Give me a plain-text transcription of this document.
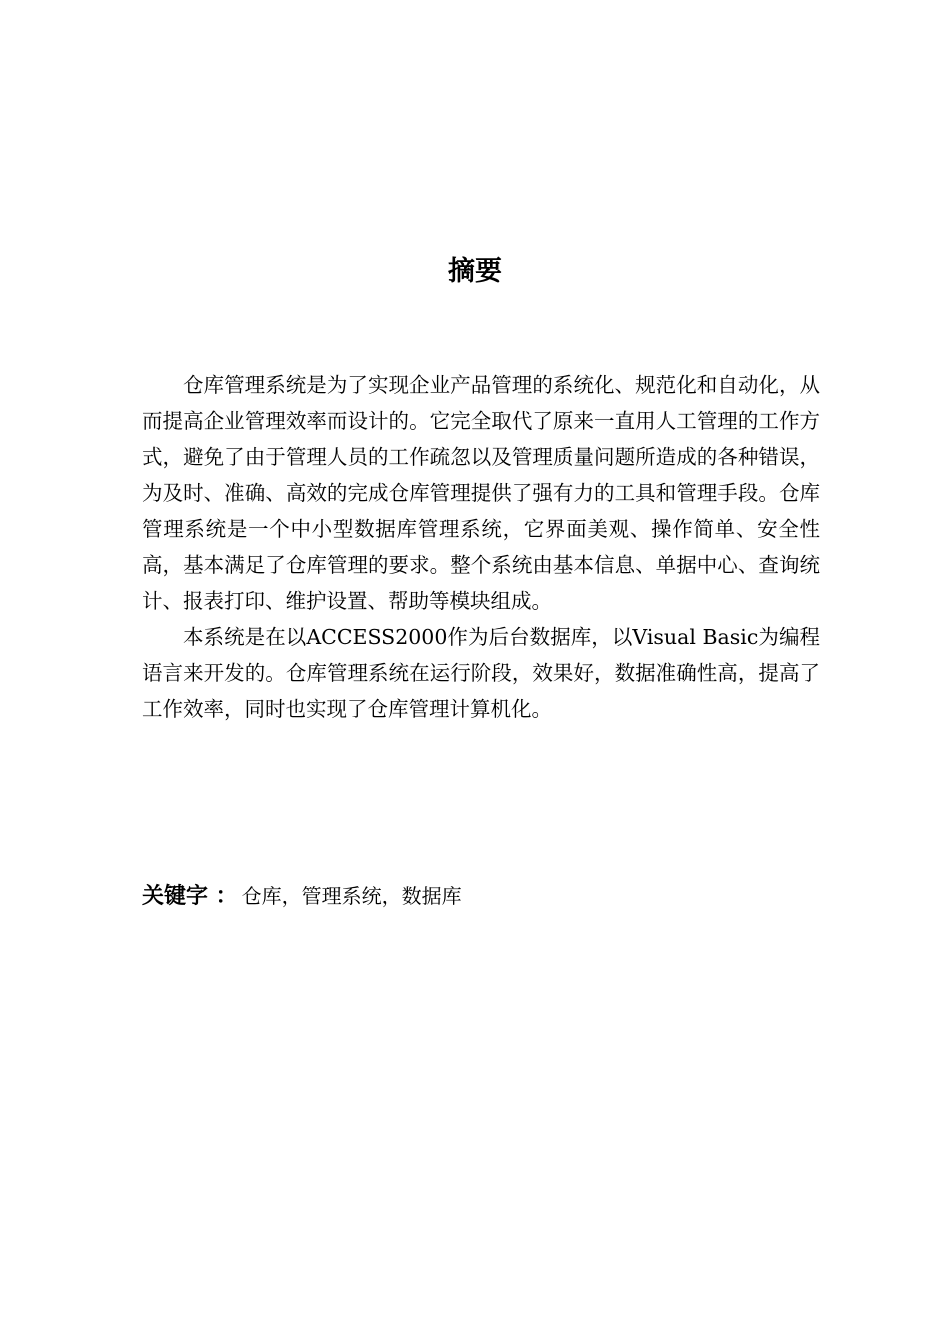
摘要

仓库管理系统是为了实现企业产品管理的系统化、规范化和自动化，从而提高企业管理效率而设计的。它完全取代了原来一直用人工管理的工作方式，避免了由于管理人员的工作疏忽以及管理质量问题所造成的各种错误，为及时、准确、高效的完成仓库管理提供了强有力的工具和管理手段。仓库管理系统是一个中小型数据库管理系统，它界面美观、操作简单、安全性高，基本满足了仓库管理的要求。整个系统由基本信息、单据中心、查询统计、报表打印、维护设置、帮助等模块组成。

本系统是在以ACCESS2000作为后台数据库，以Visual Basic为编程语言来开发的。仓库管理系统在运行阶段，效果好，数据准确性高，提高了工作效率，同时也实现了仓库管理计算机化。

关键字 ： 仓库，管理系统，数据库
